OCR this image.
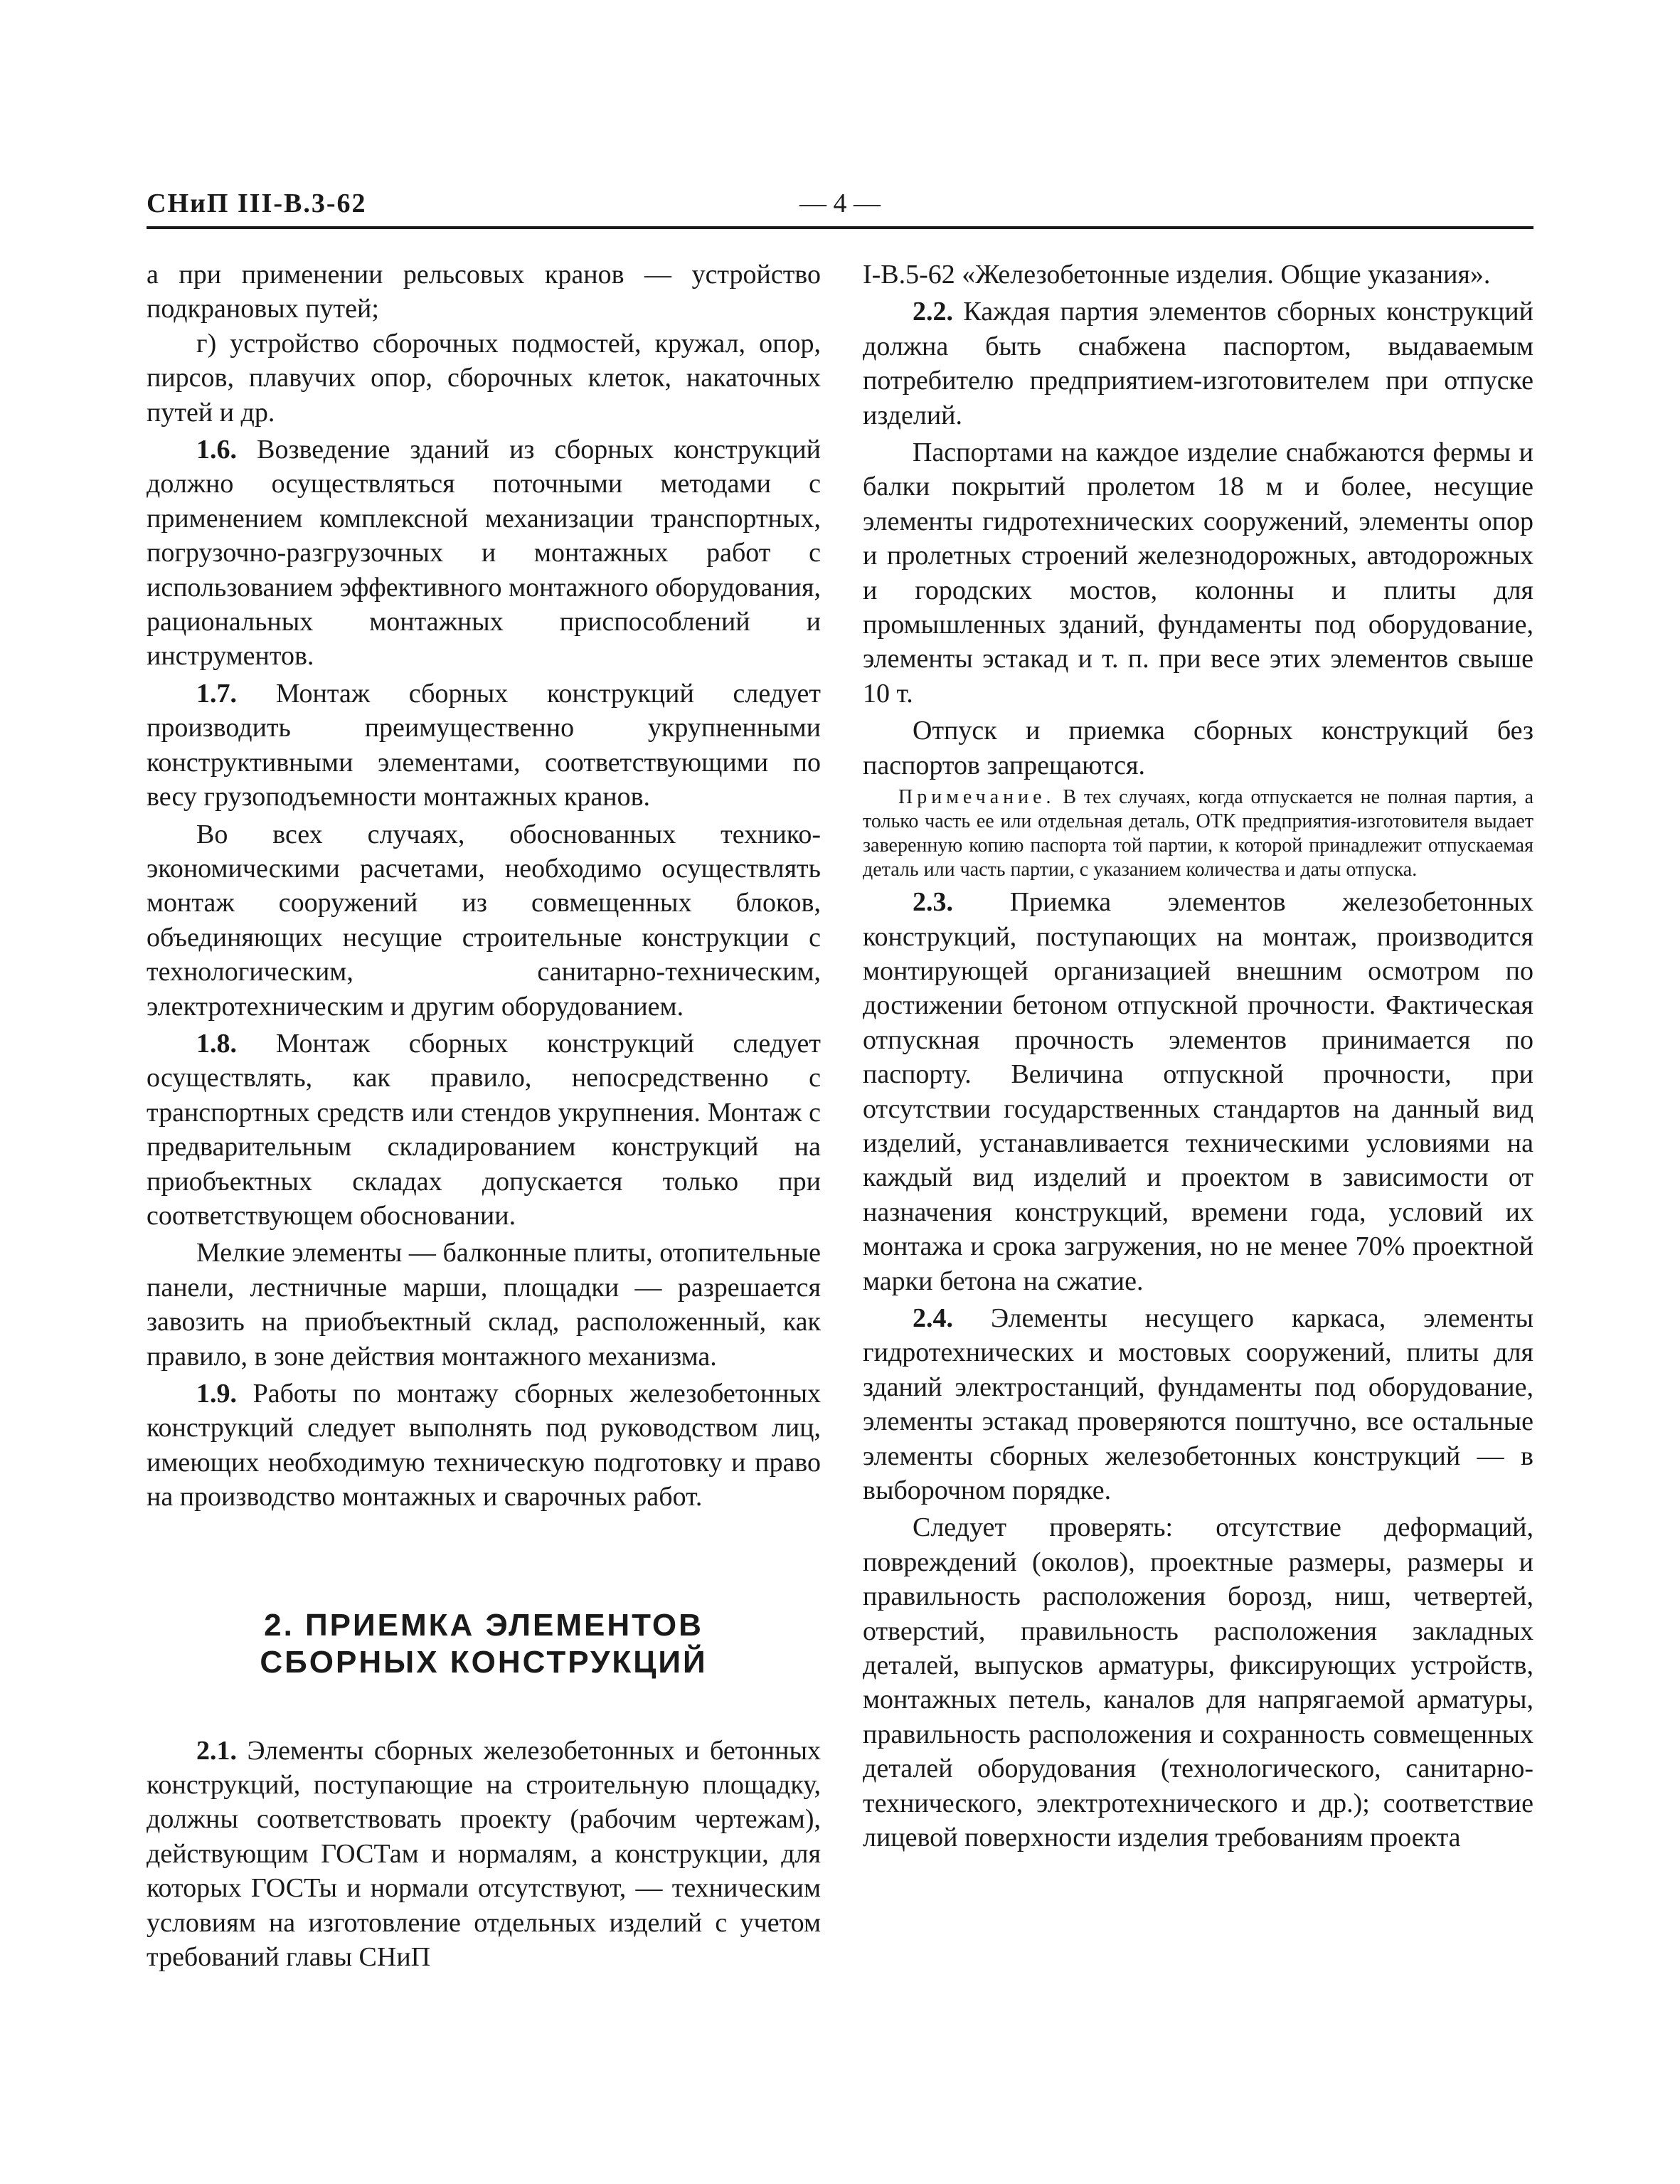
СНиП III-В.3-62	— 4 —

а при применении рельсовых кранов — устройство подкрановых путей;

г) устройство сборочных подмостей, кружал, опор, пирсов, плавучих опор, сборочных клеток, накаточных путей и др.

1.6. Возведение зданий из сборных конструкций должно осуществляться поточными методами с применением комплексной механизации транспортных, погрузочно-разгрузочных и монтажных работ с использованием эффективного монтажного оборудования, рациональных монтажных приспособлений и инструментов.

1.7. Монтаж сборных конструкций следует производить преимущественно укрупненными конструктивными элементами, соответствующими по весу грузоподъемности монтажных кранов.

Во всех случаях, обоснованных технико-экономическими расчетами, необходимо осуществлять монтаж сооружений из совмещенных блоков, объединяющих несущие строительные конструкции с технологическим, санитарно-техническим, электротехническим и другим оборудованием.

1.8. Монтаж сборных конструкций следует осуществлять, как правило, непосредственно с транспортных средств или стендов укрупнения. Монтаж с предварительным складированием конструкций на приобъектных складах допускается только при соответствующем обосновании.

Мелкие элементы — балконные плиты, отопительные панели, лестничные марши, площадки — разрешается завозить на приобъектный склад, расположенный, как правило, в зоне действия монтажного механизма.

1.9. Работы по монтажу сборных железобетонных конструкций следует выполнять под руководством лиц, имеющих необходимую техническую подготовку и право на производство монтажных и сварочных работ.

2. ПРИЕМКА ЭЛЕМЕНТОВ
СБОРНЫХ КОНСТРУКЦИЙ

2.1. Элементы сборных железобетонных и бетонных конструкций, поступающие на строительную площадку, должны соответствовать проекту (рабочим чертежам), действующим ГОСТам и нормалям, а конструкции, для которых ГОСТы и нормали отсутствуют, — техническим условиям на изготовление отдельных изделий с учетом требований главы СНиП

I-В.5-62 «Железобетонные изделия. Общие указания».

2.2. Каждая партия элементов сборных конструкций должна быть снабжена паспортом, выдаваемым потребителю предприятием-изготовителем при отпуске изделий.

Паспортами на каждое изделие снабжаются фермы и балки покрытий пролетом 18 м и более, несущие элементы гидротехнических сооружений, элементы опор и пролетных строений железнодорожных, автодорожных и городских мостов, колонны и плиты для промышленных зданий, фундаменты под оборудование, элементы эстакад и т. п. при весе этих элементов свыше 10 т.

Отпуск и приемка сборных конструкций без паспортов запрещаются.

Примечание. В тех случаях, когда отпускается не полная партия, а только часть ее или отдельная деталь, ОТК предприятия-изготовителя выдает заверенную копию паспорта той партии, к которой принадлежит отпускаемая деталь или часть партии, с указанием количества и даты отпуска.

2.3. Приемка элементов железобетонных конструкций, поступающих на монтаж, производится монтирующей организацией внешним осмотром по достижении бетоном отпускной прочности. Фактическая отпускная прочность элементов принимается по паспорту. Величина отпускной прочности, при отсутствии государственных стандартов на данный вид изделий, устанавливается техническими условиями на каждый вид изделий и проектом в зависимости от назначения конструкций, времени года, условий их монтажа и срока загружения, но не менее 70% проектной марки бетона на сжатие.

2.4. Элементы несущего каркаса, элементы гидротехнических и мостовых сооружений, плиты для зданий электростанций, фундаменты под оборудование, элементы эстакад проверяются поштучно, все остальные элементы сборных железобетонных конструкций — в выборочном порядке.

Следует проверять: отсутствие деформаций, повреждений (околов), проектные размеры, размеры и правильность расположения борозд, ниш, четвертей, отверстий, правильность расположения закладных деталей, выпусков арматуры, фиксирующих устройств, монтажных петель, каналов для напрягаемой арматуры, правильность расположения и сохранность совмещенных деталей оборудования (технологического, санитарно-технического, электротехнического и др.); соответствие лицевой поверхности изделия требованиям проекта
